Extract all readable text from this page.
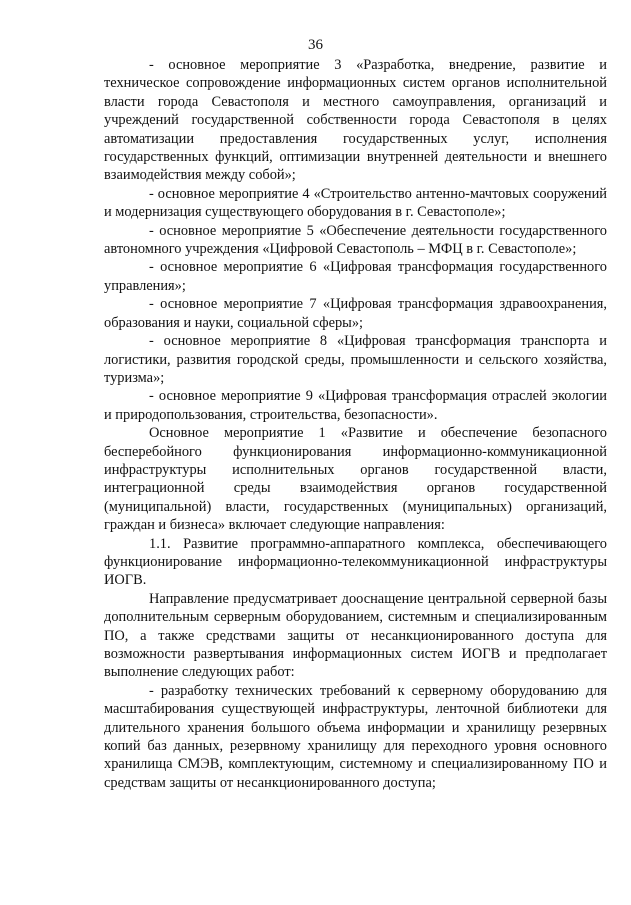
36

- основное мероприятие 3 «Разработка, внедрение, развитие и техническое сопровождение информационных систем органов исполнительной власти города Севастополя и местного самоуправления, организаций и учреждений государственной собственности города Севастополя в целях автоматизации предоставления государственных услуг, исполнения государственных функций, оптимизации внутренней деятельности и внешнего взаимодействия между собой»;

- основное мероприятие 4 «Строительство антенно-мачтовых сооружений и модернизация существующего оборудования в г. Севастополе»;

- основное мероприятие 5 «Обеспечение деятельности государственного автономного учреждения «Цифровой Севастополь – МФЦ в г. Севастополе»;

- основное мероприятие 6 «Цифровая трансформация государственного управления»;

- основное мероприятие 7 «Цифровая трансформация здравоохранения, образования и науки, социальной сферы»;

- основное мероприятие 8 «Цифровая трансформация транспорта и логистики, развития городской среды, промышленности и сельского хозяйства, туризма»;

- основное мероприятие 9 «Цифровая трансформация отраслей экологии и природопользования, строительства, безопасности».

Основное мероприятие 1 «Развитие и обеспечение безопасного бесперебойного функционирования информационно-коммуникационной инфраструктуры исполнительных органов государственной власти, интеграционной среды взаимодействия органов государственной (муниципальной) власти, государственных (муниципальных) организаций, граждан и бизнеса» включает следующие направления:

1.1. Развитие программно-аппаратного комплекса, обеспечивающего функционирование информационно-телекоммуникационной инфраструктуры ИОГВ.

Направление предусматривает дооснащение центральной серверной базы дополнительным серверным оборудованием, системным и специализированным ПО, а также средствами защиты от несанкционированного доступа для возможности развертывания информационных систем ИОГВ и предполагает выполнение следующих работ:

- разработку технических требований к серверному оборудованию для масштабирования существующей инфраструктуры, ленточной библиотеки для длительного хранения большого объема информации и хранилищу резервных копий баз данных, резервному хранилищу для переходного уровня основного хранилища СМЭВ, комплектующим, системному и специализированному ПО и средствам защиты от несанкционированного доступа;
